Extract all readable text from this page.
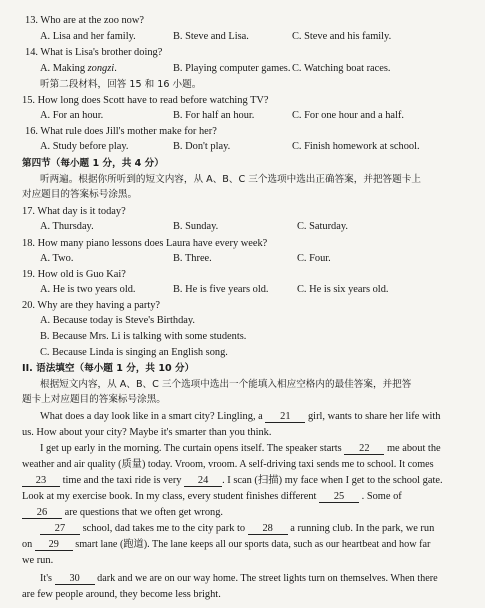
13. Who are at the zoo now?
A. Lisa and her family.	B. Steve and Lisa.	C. Steve and his family.
14. What is Lisa's brother doing?
A. Making zongzi.	B. Playing computer games. C. Watching boat races.
听第二段材料，回答 15 和 16 小题。
15. How long does Scott have to read before watching TV?
A. For an hour.	B. For half an hour.	C. For one hour and a half.
16. What rule does Jill's mother make for her?
A. Study before play.	B. Don't play.	C. Finish homework at school.
第四节（每小题 1 分，共 4 分）
听两遍。根据你所听到的短文内容，从 A、B、C 三个选项中选出正确答案，并把答题卡上
对应题目的答案标号涂黑。
17. What day is it today?
A. Thursday.	B. Sunday.	C. Saturday.
18. How many piano lessons does Laura have every week?
A. Two.	B. Three.	C. Four.
19. How old is Guo Kai?
A. He is two years old.	B. He is five years old.	C. He is six years old.
20. Why are they having a party?
A. Because today is Steve's Birthday.
B. Because Mrs. Li is talking with some students.
C. Because Linda is singing an English song.
II. 语法填空（每小题 1 分，共 10 分）
根据短文内容，从 A、B、C 三个选项中选出一个能填入相应空格内的最佳答案，并把答
题卡上对应题目的答案标号涂黑。
What does a day look like in a smart city? Lingling, a 21 girl, wants to share her life with
us. How about your city? Maybe it's smarter than you think.
I get up early in the morning. The curtain opens itself. The speaker starts 22 me about the
weather and air quality (质量) today. Vroom, vroom. A self-driving taxi sends me to school. It comes
23 time and the taxi ride is very 24 . I scan (扫描) my face when I get to the school gate.
Look at my exercise book. In my class, every student finishes different 25 . Some of
26 are questions that we often get wrong.
27 school, dad takes me to the city park to 28 a running club. In the park, we run
on 29 smart lane (跑道). The lane keeps all our sports data, such as our heartbeat and how far
we run.
It's 30 dark and we are on our way home. The street lights turn on themselves. When there
are few people around, they become less bright.
